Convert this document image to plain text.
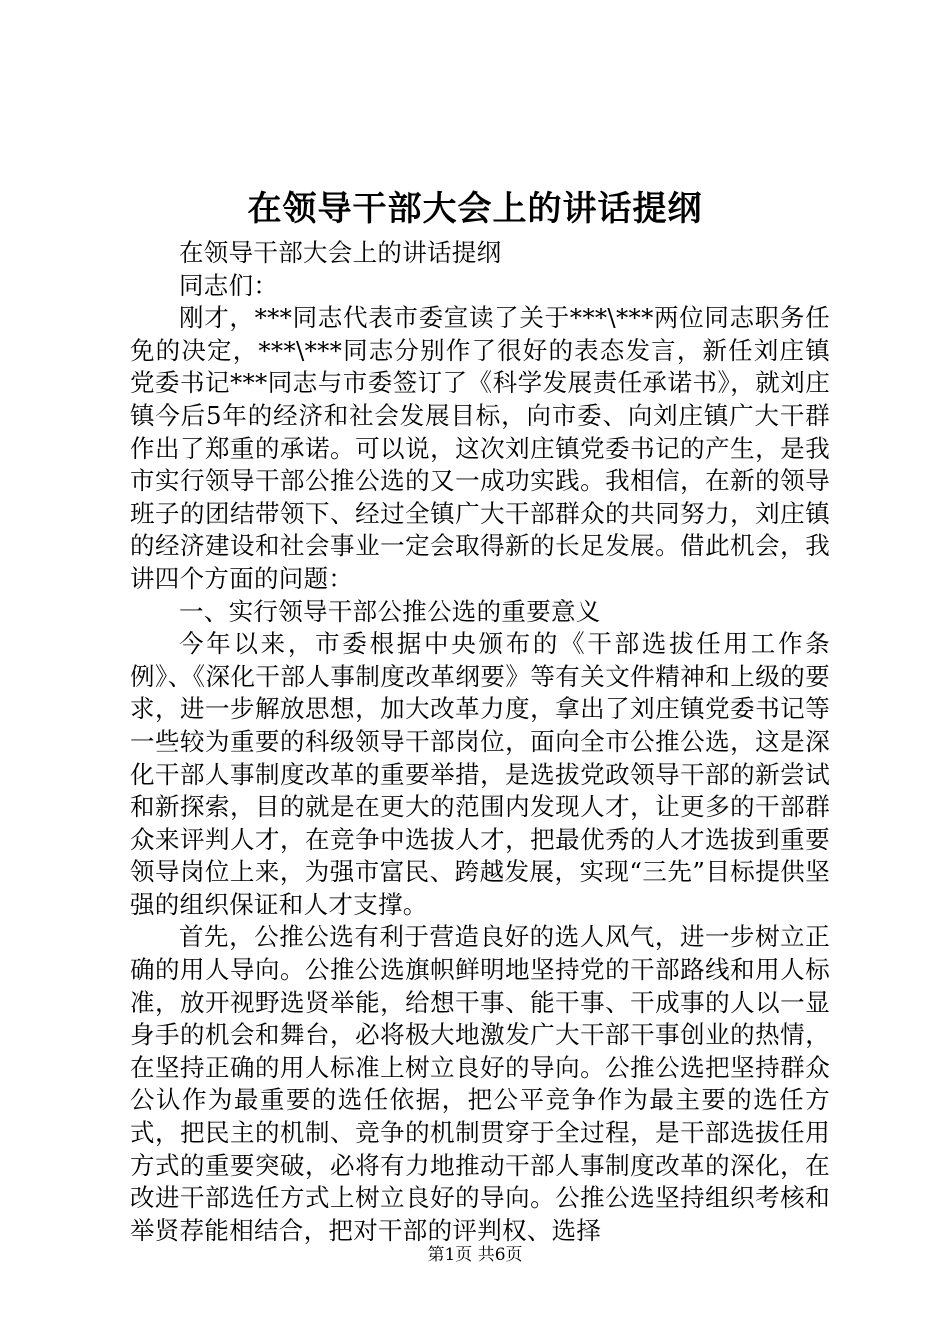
在领导干部大会上的讲话提纲

在领导干部大会上的讲话提纲

同志们：

刚才，***同志代表市委宣读了关于***\***两位同志职务任免的决定，***\***同志分别作了很好的表态发言，新任刘庄镇党委书记***同志与市委签订了《科学发展责任承诺书》，就刘庄镇今后5年的经济和社会发展目标，向市委、向刘庄镇广大干群作出了郑重的承诺。可以说，这次刘庄镇党委书记的产生，是我市实行领导干部公推公选的又一成功实践。我相信，在新的领导班子的团结带领下、经过全镇广大干部群众的共同努力，刘庄镇的经济建设和社会事业一定会取得新的长足发展。借此机会，我讲四个方面的问题：

一、实行领导干部公推公选的重要意义

今年以来，市委根据中央颁布的《干部选拔任用工作条例》、《深化干部人事制度改革纲要》等有关文件精神和上级的要求，进一步解放思想，加大改革力度，拿出了刘庄镇党委书记等一些较为重要的科级领导干部岗位，面向全市公推公选，这是深化干部人事制度改革的重要举措，是选拔党政领导干部的新尝试和新探索，目的就是在更大的范围内发现人才，让更多的干部群众来评判人才，在竞争中选拔人才，把最优秀的人才选拔到重要领导岗位上来，为强市富民、跨越发展，实现“三先”目标提供坚强的组织保证和人才支撑。

首先，公推公选有利于营造良好的选人风气，进一步树立正确的用人导向。公推公选旗帜鲜明地坚持党的干部路线和用人标准，放开视野选贤举能，给想干事、能干事、干成事的人以一显身手的机会和舞台，必将极大地激发广大干部干事创业的热情，在坚持正确的用人标准上树立良好的导向。公推公选把坚持群众公认作为最重要的选任依据，把公平竞争作为最主要的选任方式，把民主的机制、竞争的机制贯穿于全过程，是干部选拔任用方式的重要突破，必将有力地推动干部人事制度改革的深化，在改进干部选任方式上树立良好的导向。公推公选坚持组织考核和举贤荐能相结合，把对干部的评判权、选择

第1页 共6页
